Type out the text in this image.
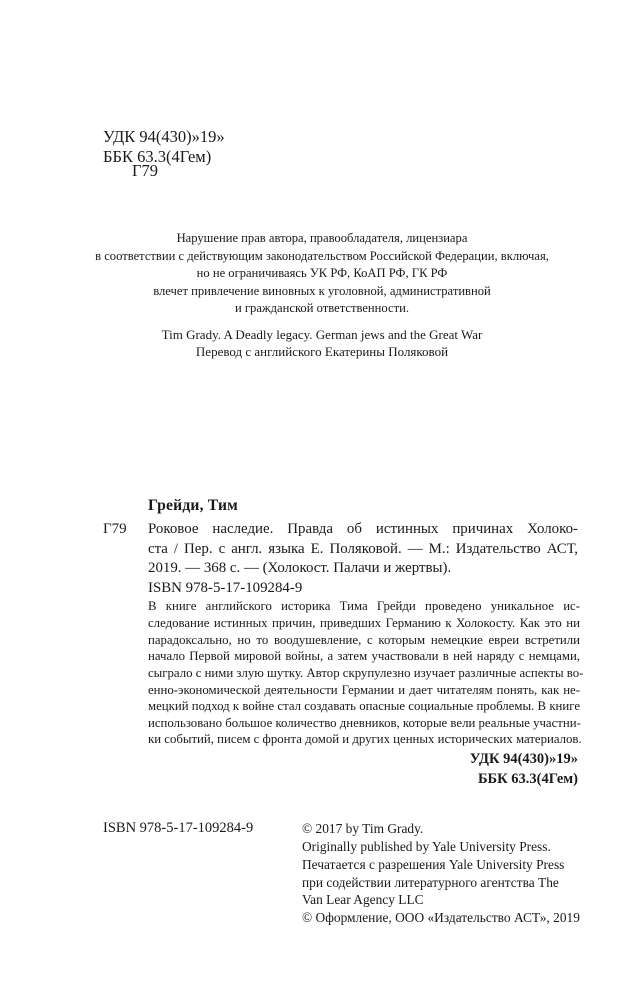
УДК 94(430)»19»
ББК 63.3(4Гем)
Г79
Нарушение прав автора, правообладателя, лицензиара
в соответствии с действующим законодательством Российской Федерации, включая,
но не ограничиваясь УК РФ, КоАП РФ, ГК РФ
влечет привлечение виновных к уголовной, административной
и гражданской ответственности.
Tim Grady. A Deadly legacy. German jews and the Great War
Перевод с английского Екатерины Поляковой
Грейди, Тим
Г79 Роковое наследие. Правда об истинных причинах Холоко-
ста / Пер. с англ. языка Е. Поляковой. — М.: Издательство АСТ,
2019. — 368 с. — (Холокост. Палачи и жертвы).
ISBN 978-5-17-109284-9
В книге английского историка Тима Грейди проведено уникальное ис-
следование истинных причин, приведших Германию к Холокосту. Как это ни
парадоксально, но то воодушевление, с которым немецкие евреи встретили
начало Первой мировой войны, а затем участвовали в ней наряду с немцами,
сыграло с ними злую шутку. Автор скрупулезно изучает различные аспекты во-
енно-экономической деятельности Германии и дает читателям понять, как не-
мецкий подход к войне стал создавать опасные социальные проблемы. В книге
использовано большое количество дневников, которые вели реальные участни-
ки событий, писем с фронта домой и других ценных исторических материалов.
УДК 94(430)»19»
ББК 63.3(4Гем)
ISBN 978-5-17-109284-9	© 2017 by Tim Grady.
Originally published by Yale University Press.
Печатается с разрешения Yale University Press
при содействии литературного агентства The
Van Lear Agency LLC
© Оформление, ООО «Издательство АСТ», 2019
